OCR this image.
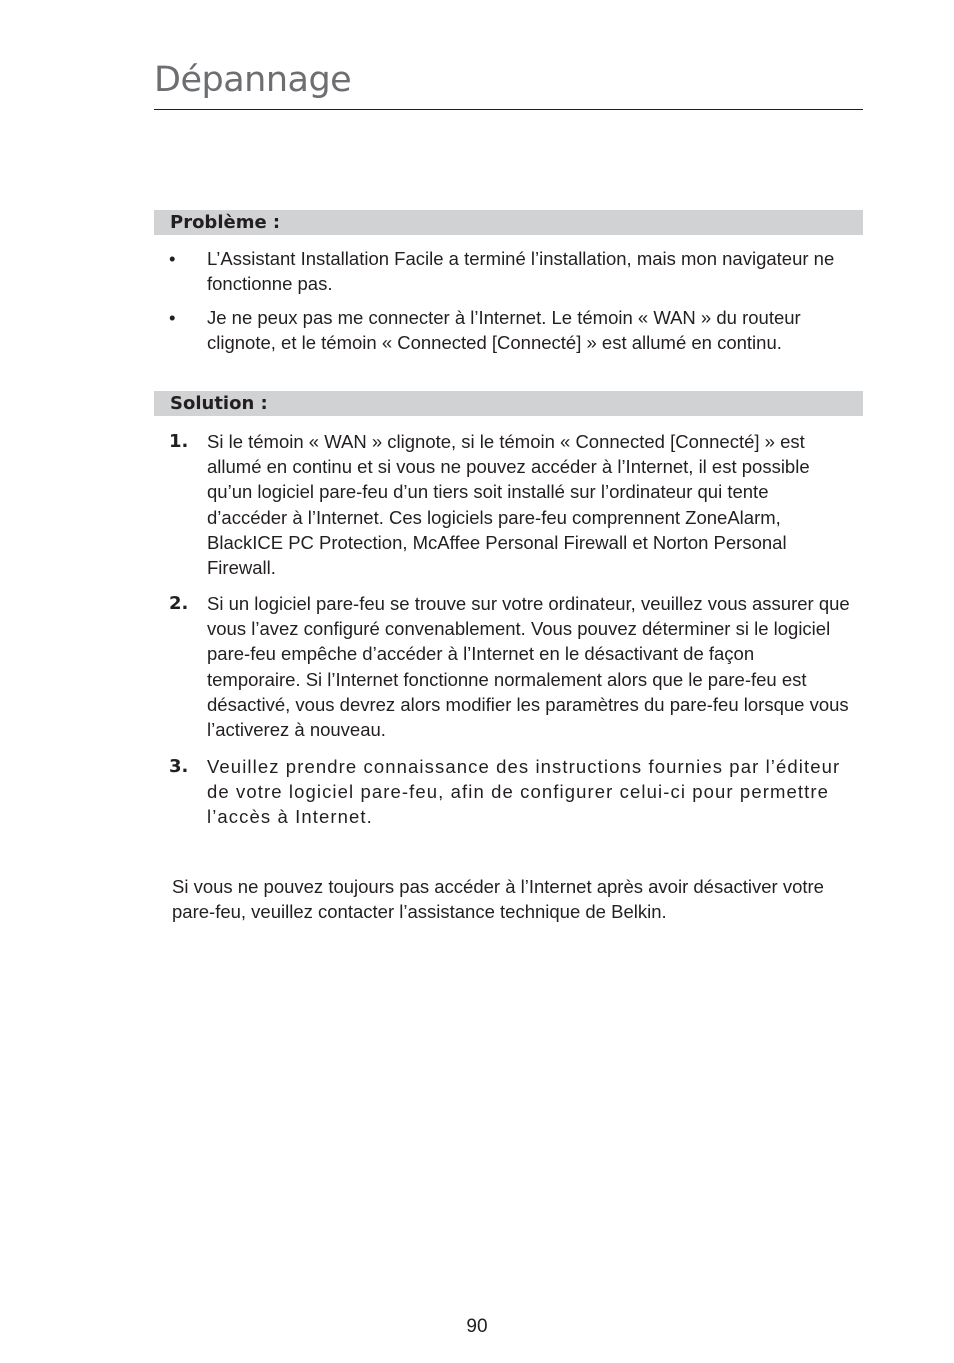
Dépannage
Problème :
• L’Assistant Installation Facile a terminé l’installation, mais mon navigateur ne fonctionne pas.
• Je ne peux pas me connecter à l’Internet. Le témoin « WAN » du routeur clignote, et le témoin « Connected [Connecté] » est allumé en continu.
Solution :
1. Si le témoin « WAN » clignote, si le témoin « Connected [Connecté] » est allumé en continu et si vous ne pouvez accéder à l’Internet, il est possible qu’un logiciel pare-feu d’un tiers soit installé sur l’ordinateur qui tente d’accéder à l’Internet. Ces logiciels pare-feu comprennent ZoneAlarm, BlackICE PC Protection, McAffee Personal Firewall et Norton Personal Firewall.
2. Si un logiciel pare-feu se trouve sur votre ordinateur, veuillez vous assurer que vous l’avez configuré convenablement. Vous pouvez déterminer si le logiciel pare-feu empêche d’accéder à l’Internet en le désactivant de façon temporaire. Si l’Internet fonctionne normalement alors que le pare-feu est désactivé, vous devrez alors modifier les paramètres du pare-feu lorsque vous l’activerez à nouveau.
3. Veuillez prendre connaissance des instructions fournies par l’éditeur de votre logiciel pare-feu, afin de configurer celui-ci pour permettre l’accès à Internet.
Si vous ne pouvez toujours pas accéder à l’Internet après avoir désactiver votre pare-feu, veuillez contacter l’assistance technique de Belkin.
90
